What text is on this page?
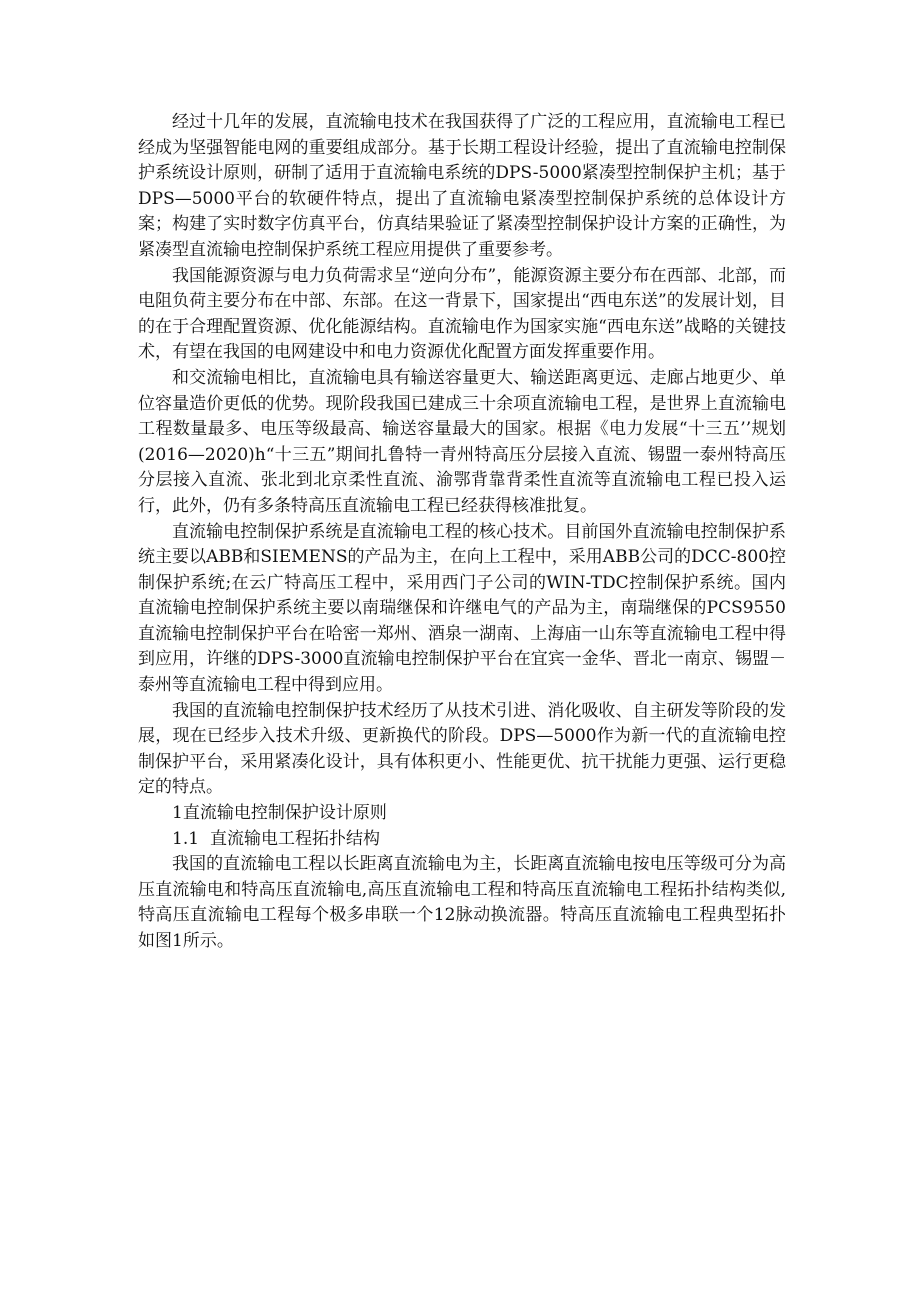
经过十几年的发展，直流输电技术在我国获得了广泛的工程应用，直流输电工程已经成为坚强智能电网的重要组成部分。基于长期工程设计经验，提出了直流输电控制保护系统设计原则，研制了适用于直流输电系统的DPS-5000紧凑型控制保护主机；基于DPS—5000平台的软硬件特点，提出了直流输电紧凑型控制保护系统的总体设计方案；构建了实时数字仿真平台，仿真结果验证了紧凑型控制保护设计方案的正确性，为紧凑型直流输电控制保护系统工程应用提供了重要参考。

我国能源资源与电力负荷需求呈“逆向分布”，能源资源主要分布在西部、北部，而电阻负荷主要分布在中部、东部。在这一背景下，国家提出“西电东送”的发展计划，目的在于合理配置资源、优化能源结构。直流输电作为国家实施“西电东送”战略的关键技术，有望在我国的电网建设中和电力资源优化配置方面发挥重要作用。

和交流输电相比，直流输电具有输送容量更大、输送距离更远、走廊占地更少、单位容量造价更低的优势。现阶段我国已建成三十余项直流输电工程，是世界上直流输电工程数量最多、电压等级最高、输送容量最大的国家。根据《电力发展“十三五’’规划(2016—2020)h“十三五”期间扎鲁特一青州特高压分层接入直流、锡盟一泰州特高压分层接入直流、张北到北京柔性直流、渝鄂背靠背柔性直流等直流输电工程已投入运行，此外，仍有多条特高压直流输电工程已经获得核准批复。

直流输电控制保护系统是直流输电工程的核心技术。目前国外直流输电控制保护系统主要以ABB和SIEMENS的产品为主，在向上工程中，采用ABB公司的DCC-800控制保护系统;在云广特高压工程中，采用西门子公司的WIN-TDC控制保护系统。国内直流输电控制保护系统主要以南瑞继保和许继电气的产品为主，南瑞继保的PCS9550直流输电控制保护平台在哈密一郑州、酒泉一湖南、上海庙一山东等直流输电工程中得到应用，许继的DPS-3000直流输电控制保护平台在宜宾一金华、晋北一南京、锡盟－泰州等直流输电工程中得到应用。

我国的直流输电控制保护技术经历了从技术引进、消化吸收、自主研发等阶段的发展，现在已经步入技术升级、更新换代的阶段。DPS—5000作为新一代的直流输电控制保护平台，采用紧凑化设计，具有体积更小、性能更优、抗干扰能力更强、运行更稳定的特点。

1直流输电控制保护设计原则

1.1 直流输电工程拓扑结构

我国的直流输电工程以长距离直流输电为主，长距离直流输电按电压等级可分为高压直流输电和特高压直流输电,高压直流输电工程和特高压直流输电工程拓扑结构类似,特高压直流输电工程每个极多串联一个12脉动换流器。特高压直流输电工程典型拓扑如图1所示。
